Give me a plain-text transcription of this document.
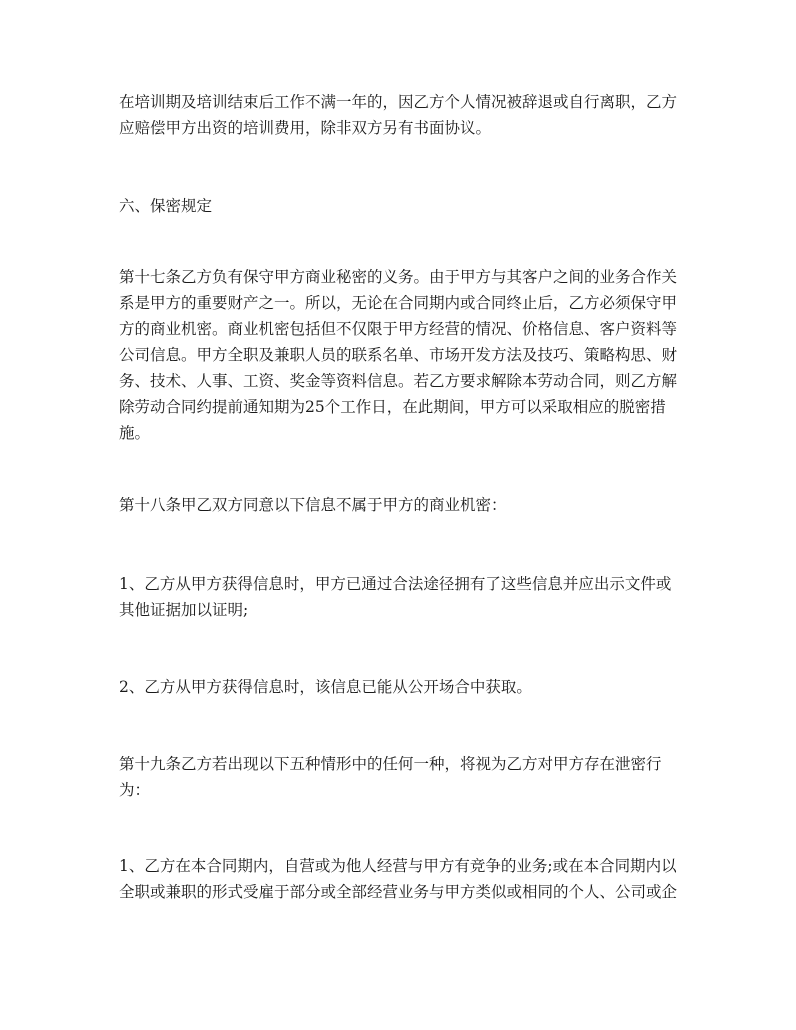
在培训期及培训结束后工作不满一年的，因乙方个人情况被辞退或自行离职，乙方
应赔偿甲方出资的培训费用，除非双方另有书面协议。

六、保密规定

第十七条乙方负有保守甲方商业秘密的义务。由于甲方与其客户之间的业务合作关
系是甲方的重要财产之一。所以，无论在合同期内或合同终止后，乙方必须保守甲
方的商业机密。商业机密包括但不仅限于甲方经营的情况、价格信息、客户资料等
公司信息。甲方全职及兼职人员的联系名单、市场开发方法及技巧、策略构思、财
务、技术、人事、工资、奖金等资料信息。若乙方要求解除本劳动合同，则乙方解
除劳动合同约提前通知期为25个工作日，在此期间，甲方可以采取相应的脱密措
施。

第十八条甲乙双方同意以下信息不属于甲方的商业机密：

1、乙方从甲方获得信息时，甲方已通过合法途径拥有了这些信息并应出示文件或
其他证据加以证明;

2、乙方从甲方获得信息时，该信息已能从公开场合中获取。

第十九条乙方若出现以下五种情形中的任何一种，将视为乙方对甲方存在泄密行
为：

1、乙方在本合同期内，自营或为他人经营与甲方有竞争的业务;或在本合同期内以
全职或兼职的形式受雇于部分或全部经营业务与甲方类似或相同的个人、公司或企
